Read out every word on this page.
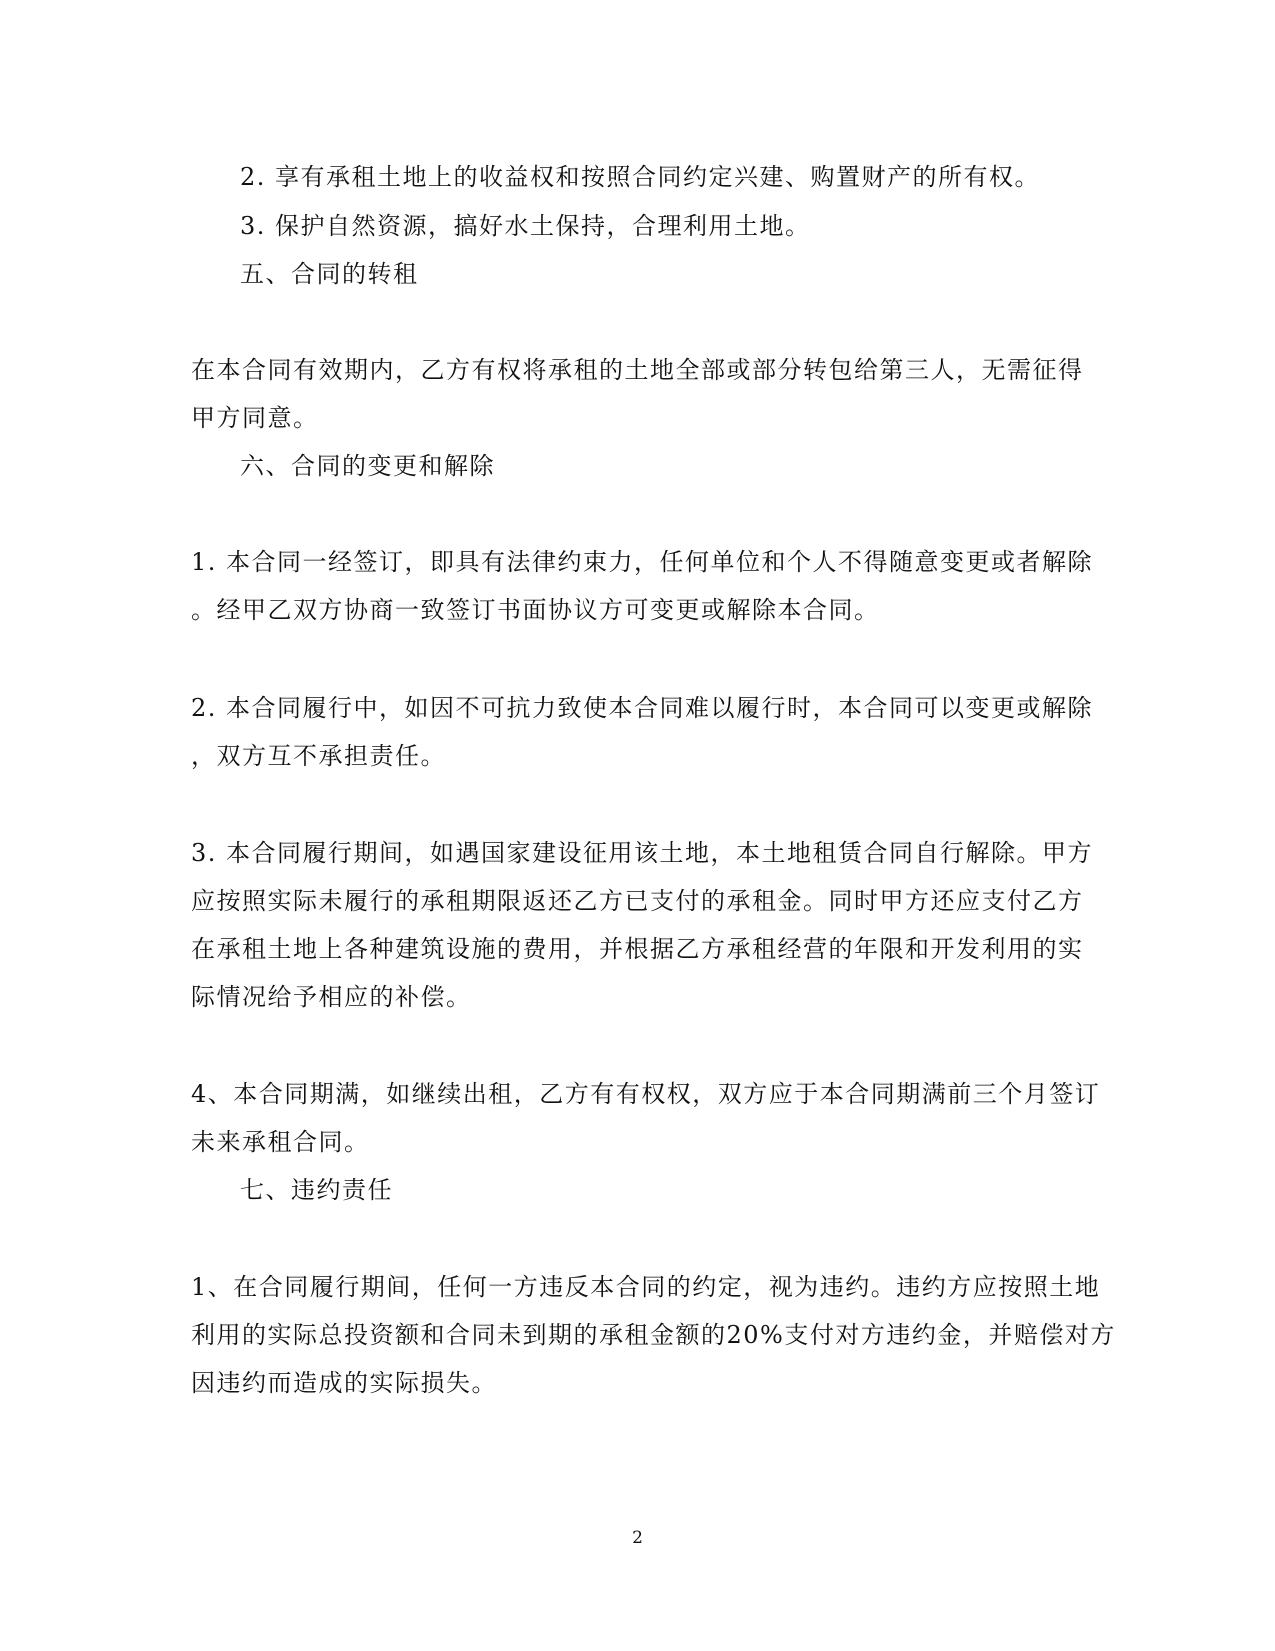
2. 享有承租土地上的收益权和按照合同约定兴建、购置财产的所有权。
3. 保护自然资源，搞好水土保持，合理利用土地。
五、合同的转租
在本合同有效期内，乙方有权将承租的土地全部或部分转包给第三人，无需征得
甲方同意。
六、合同的变更和解除
1. 本合同一经签订，即具有法律约束力，任何单位和个人不得随意变更或者解除
。经甲乙双方协商一致签订书面协议方可变更或解除本合同。
2. 本合同履行中，如因不可抗力致使本合同难以履行时，本合同可以变更或解除
，双方互不承担责任。
3. 本合同履行期间，如遇国家建设征用该土地，本土地租赁合同自行解除。甲方
应按照实际未履行的承租期限返还乙方已支付的承租金。同时甲方还应支付乙方
在承租土地上各种建筑设施的费用，并根据乙方承租经营的年限和开发利用的实
际情况给予相应的补偿。
4、本合同期满，如继续出租，乙方有有权权，双方应于本合同期满前三个月签订
未来承租合同。
七、违约责任
1、在合同履行期间，任何一方违反本合同的约定，视为违约。违约方应按照土地
利用的实际总投资额和合同未到期的承租金额的20%支付对方违约金，并赔偿对方
因违约而造成的实际损失。
2
